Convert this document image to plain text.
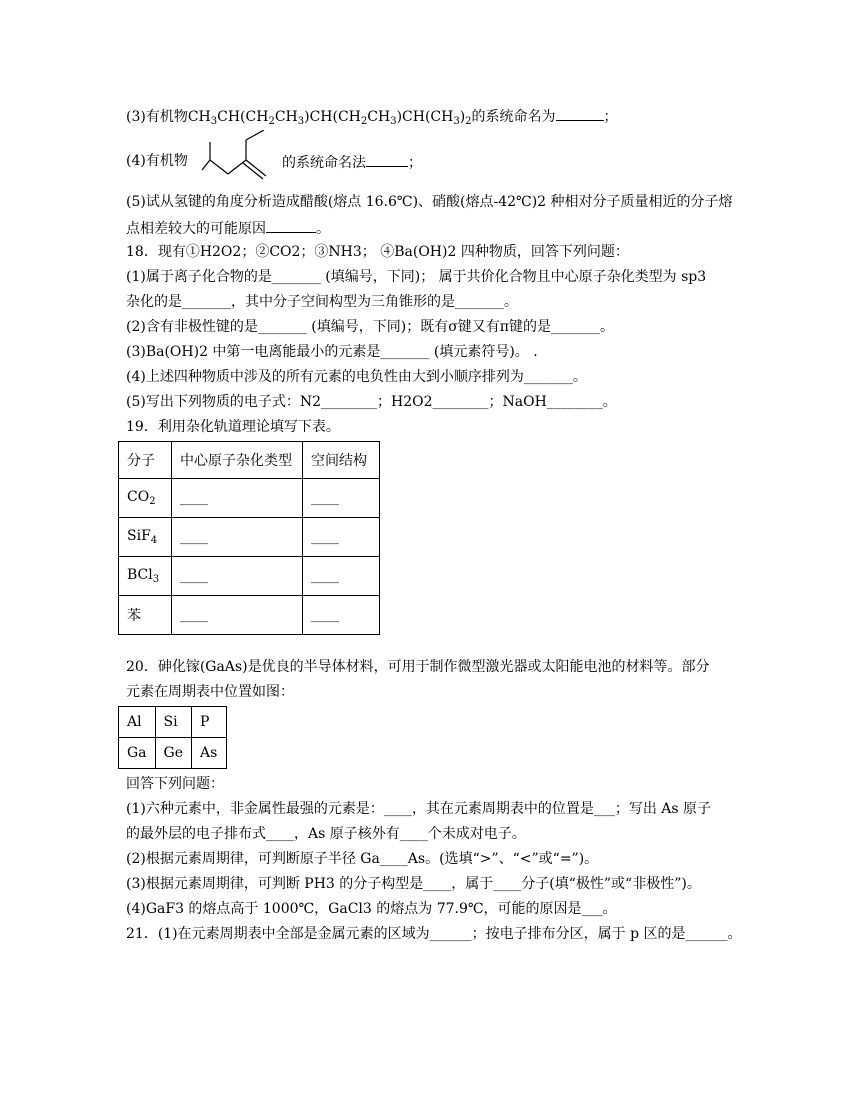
(3)有机物$CH_3CH(CH_2CH_3)CH(CH_2CH_3)CH(CH_3)_2$的系统命名为	；
(4)有机物	的系统命名法	；
(5)试从氢键的角度分析造成醋酸(熔点 16.6℃)、硝酸(熔点-42℃)2 种相对分子质量相近的分子熔
点相差较大的可能原因	。
18．现有①H2O2；②CO2；③NH3； ④Ba(OH)2 四种物质，回答下列问题：
(1)属于离子化合物的是_______ (填编号，下同)； 属于共价化合物且中心原子杂化类型为 sp3
杂化的是_______，其中分子空间构型为三角锥形的是_______。
(2)含有非极性键的是_______ (填编号，下同)；既有σ键又有π键的是_______。
(3)Ba(OH)2 中第一电离能最小的元素是_______ (填元素符号)。 .
(4)上述四种物质中涉及的所有元素的电负性由大到小顺序排列为_______。
(5)写出下列物质的电子式：N2________；H2O2________；NaOH________。
19．利用杂化轨道理论填写下表。
分子	中心原子杂化类型	空间结构
$CO_2$	____	____
SiF$_4$	____	____
BCl$_3$	____	____
苯	____	____
20．砷化镓(GaAs)是优良的半导体材料，可用于制作微型激光器或太阳能电池的材料等。部分
元素在周期表中位置如图：
Al	Si	P
Ga	Ge	As
回答下列问题：
(1)六种元素中，非金属性最强的元素是：____，其在元素周期表中的位置是___；写出 As 原子
的最外层的电子排布式____，As 原子核外有____个未成对电子。
(2)根据元素周期律，可判断原子半径 Ga____As。(选填“>”、“<”或“=”)。
(3)根据元素周期律，可判断 PH3 的分子构型是____，属于____分子(填“极性”或“非极性”)。
(4)GaF3 的熔点高于 1000℃，GaCl3 的熔点为 77.9℃，可能的原因是___。
21．(1)在元素周期表中全部是金属元素的区域为______；按电子排布分区，属于 p 区的是______。
